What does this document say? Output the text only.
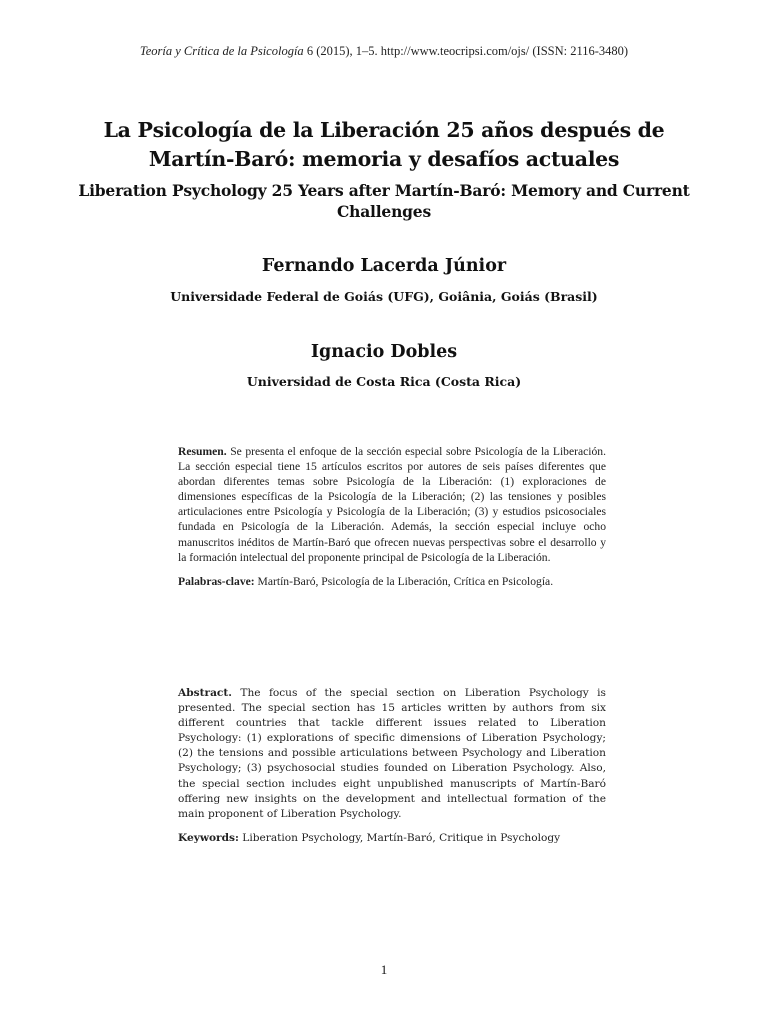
Teoría y Crítica de la Psicología 6 (2015), 1–5. http://www.teocripsi.com/ojs/ (ISSN: 2116-3480)
La Psicología de la Liberación 25 años después de Martín-Baró: memoria y desafíos actuales
Liberation Psychology 25 Years after Martín-Baró: Memory and Current Challenges
Fernando Lacerda Júnior
Universidade Federal de Goiás (UFG), Goiânia, Goiás (Brasil)
Ignacio Dobles
Universidad de Costa Rica (Costa Rica)

Resumen. Se presenta el enfoque de la sección especial sobre Psicología de la Liberación. La sección especial tiene 15 artículos escritos por autores de seis países diferentes que abordan diferentes temas sobre Psicología de la Liberación: (1) exploraciones de dimensiones específicas de la Psicología de la Liberación; (2) las tensiones y posibles articulaciones entre Psicología y Psicología de la Liberación; (3) y estudios psicosociales fundada en Psicología de la Liberación. Además, la sección especial incluye ocho manuscritos inéditos de Martín-Baró que ofrecen nuevas perspectivas sobre el desarrollo y la formación intelectual del proponente principal de Psicología de la Liberación.

Palabras-clave: Martín-Baró, Psicología de la Liberación, Crítica en Psicología.

Abstract. The focus of the special section on Liberation Psychology is presented. The special section has 15 articles written by authors from six different countries that tackle different issues related to Liberation Psychology: (1) explorations of specific dimensions of Liberation Psychology; (2) the tensions and possible articulations between Psychology and Liberation Psychology; (3) psychosocial studies founded on Liberation Psychology. Also, the special section includes eight unpublished manuscripts of Martín-Baró offering new insights on the development and intellectual formation of the main proponent of Liberation Psychology.

Keywords: Liberation Psychology, Martín-Baró, Critique in Psychology

1
